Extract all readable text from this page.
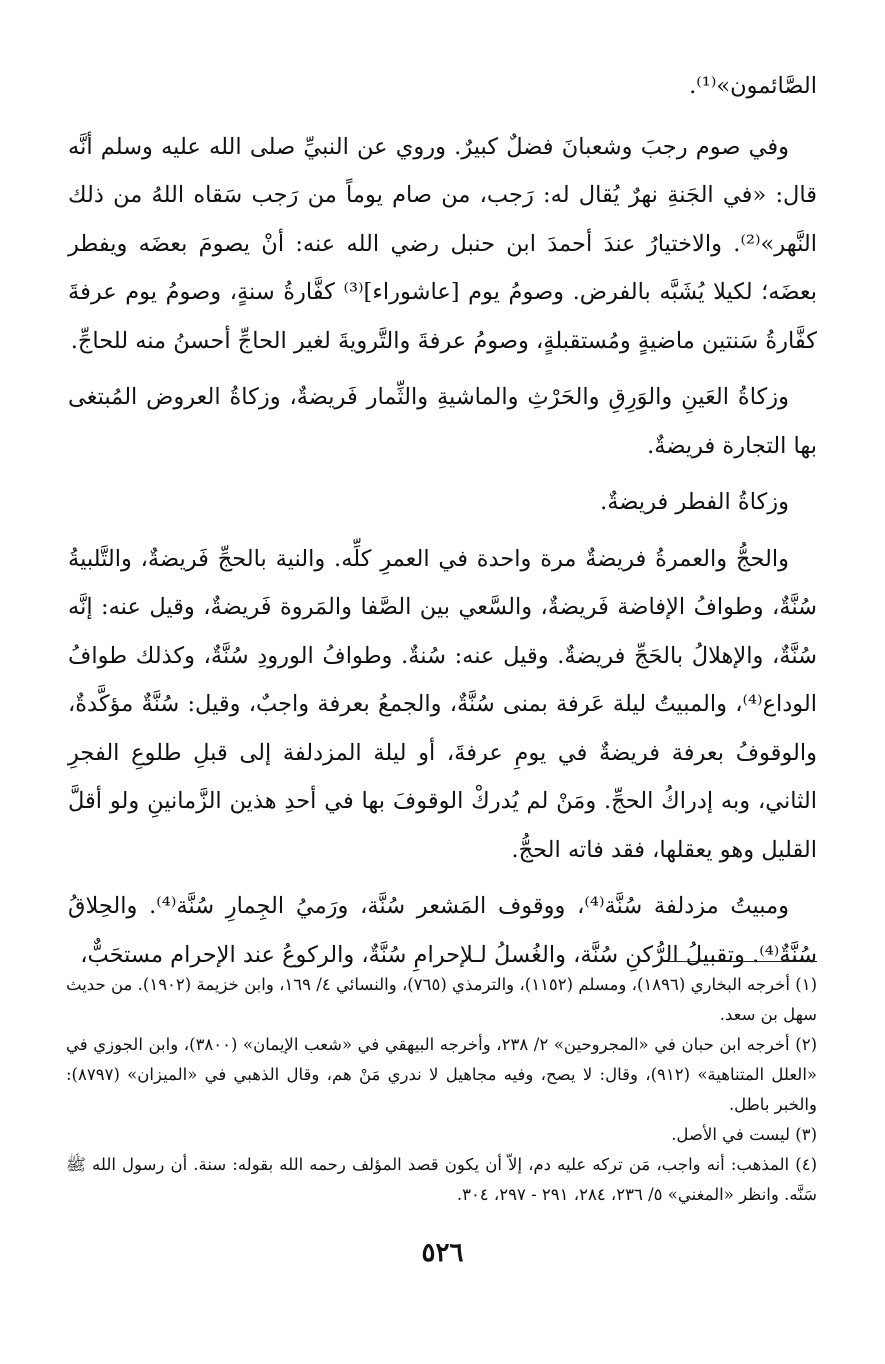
الصَّائمون»⁽¹⁾.

وفي صوم رجبَ وشعبانَ فضلٌ كبيرٌ. وروي عن النبيِّ صلى الله عليه وسلم أنَّه قال: «في الجَنةِ نهرٌ يُقال له: رَجب، من صام يوماً من رَجب سَقاه اللهُ من ذلك النَّهر»⁽²⁾. والاختيارُ عندَ أحمدَ ابن حنبل رضي الله عنه: أنْ يصومَ بعضَه ويفطر بعضَه؛ لكيلا يُشَبَّه بالفرض. وصومُ يوم [عاشوراء]⁽³⁾ كفَّارةُ سنةٍ، وصومُ يوم عرفةَ كفَّارةُ سَنتين ماضيةٍ ومُستقبلةٍ، وصومُ عرفةَ والتَّرويةَ لغير الحاجِّ أحسنُ منه للحاجِّ.

وزكاةُ العَينِ والوَرِقِ والحَرْثِ والماشيةِ والثِّمار فَريضةٌ، وزكاةُ العروض المُبتغى بها التجارة فريضةٌ.

وزكاةُ الفطر فريضةٌ.

والحجُّ والعمرةُ فريضةٌ مرة واحدة في العمرِ كلِّه. والنية بالحجِّ فَريضةٌ، والتَّلبيةُ سُنَّةٌ، وطوافُ الإفاضة فَريضةٌ، والسَّعي بين الصَّفا والمَروة فَريضةٌ، وقيل عنه: إنَّه سُنَّةٌ، والإهلالُ بالحَجِّ فريضةٌ. وقيل عنه: سُنةٌ. وطوافُ الورودِ سُنَّةٌ، وكذلك طوافُ الوداع⁽⁴⁾، والمبيتُ ليلة عَرفة بمنى سُنَّةٌ، والجمعُ بعرفة واجبٌ، وقيل: سُنَّةٌ مؤكَّدةٌ، والوقوفُ بعرفة فريضةٌ في يومِ عرفةَ، أو ليلة المزدلفة إلى قبلِ طلوعِ الفجرِ الثاني، وبه إدراكُ الحجِّ. ومَنْ لم يُدركْ الوقوفَ بها في أحدِ هذين الزَّمانينِ ولو أقلَّ القليل وهو يعقلها، فقد فاته الحجُّ.

ومبيتُ مزدلفة سُنَّة⁽⁴⁾، ووقوف المَشعر سُنَّة، ورَميُ الجِمارِ سُنَّة⁽⁴⁾. والحِلاقُ سُنَّةٌ⁽⁴⁾. وتقبيلُ الرُّكنِ سُنَّة، والغُسلُ لـلإحرامِ سُنَّةٌ، والركوعُ عند الإحرام مستحَبٌّ،

(١) أخرجه البخاري (١٨٩٦)، ومسلم (١١٥٢)، والترمذي (٧٦٥)، والنسائي ٤/ ١٦٩، وابن خزيمة (١٩٠٢). من حديث سهل بن سعد.

(٢) أخرجه ابن حبان في «المجروحين» ٢/ ٢٣٨، وأخرجه البيهقي في «شعب الإيمان» (٣٨٠٠)، وابن الجوزي في «العلل المتناهية» (٩١٢)، وقال: لا يصح، وفيه مجاهيل لا ندري مَنْ هم، وقال الذهبي في «الميزان» (٨٧٩٧): والخبر باطل.

(٣) ليست في الأصل.

(٤) المذهب: أنه واجب، مَن تركه عليه دم، إلاّ أن يكون قصد المؤلف رحمه الله بقوله: سنة. أن رسول الله ﷺ سَنَّه. وانظر «المغني» ٥/ ٢٣٦، ٢٨٤، ٢٩١ - ٢٩٧، ٣٠٤.

٥٢٦
